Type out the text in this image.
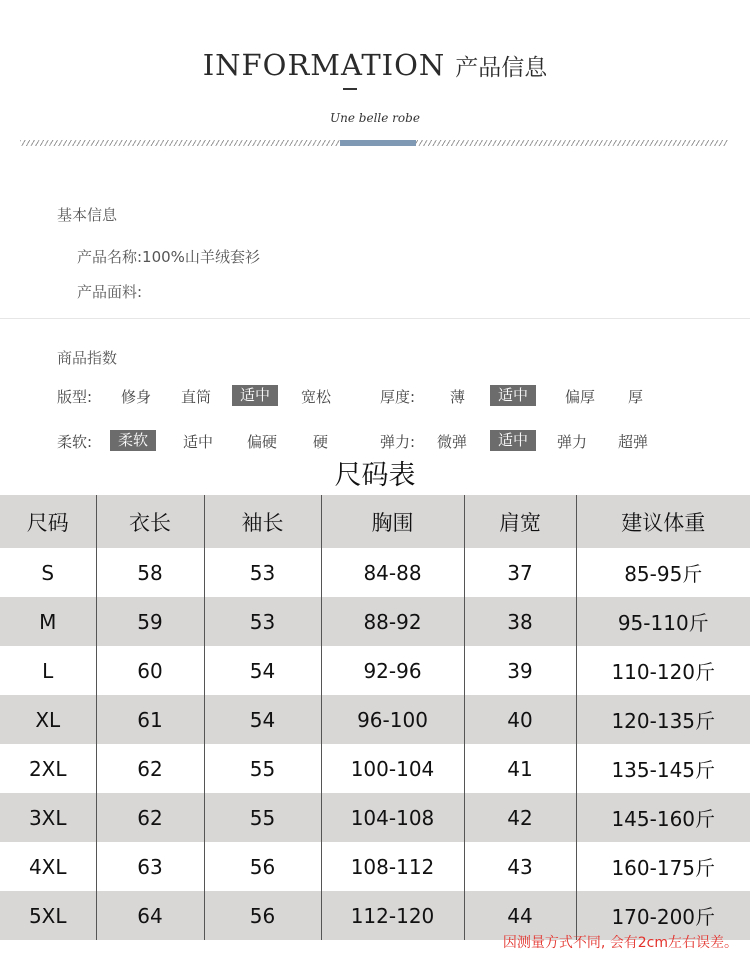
INFORMATION 产品信息
Une belle robe
基本信息
产品名称:100%山羊绒套衫
产品面料:
商品指数
版型: 修身 直筒	适中	宽松	厚度: 薄	适中	偏厚 厚
柔软:	柔软	适中 偏硬 硬	弹力: 微弹	适中	弹力 超弹
尺码表
尺码	衣长	袖长	胸围	肩宽	建议体重
S	58	53	84-88	37	85-95斤
M	59	53	88-92	38	95-110斤
L	60	54	92-96	39	110-120斤
XL	61	54	96-100	40	120-135斤
2XL	62	55	100-104	41	135-145斤
3XL	62	55	104-108	42	145-160斤
4XL	63	56	108-112	43	160-175斤
5XL	64	56	112-120	44	170-200斤
因测量方式不同, 会有2cm左右误差。
